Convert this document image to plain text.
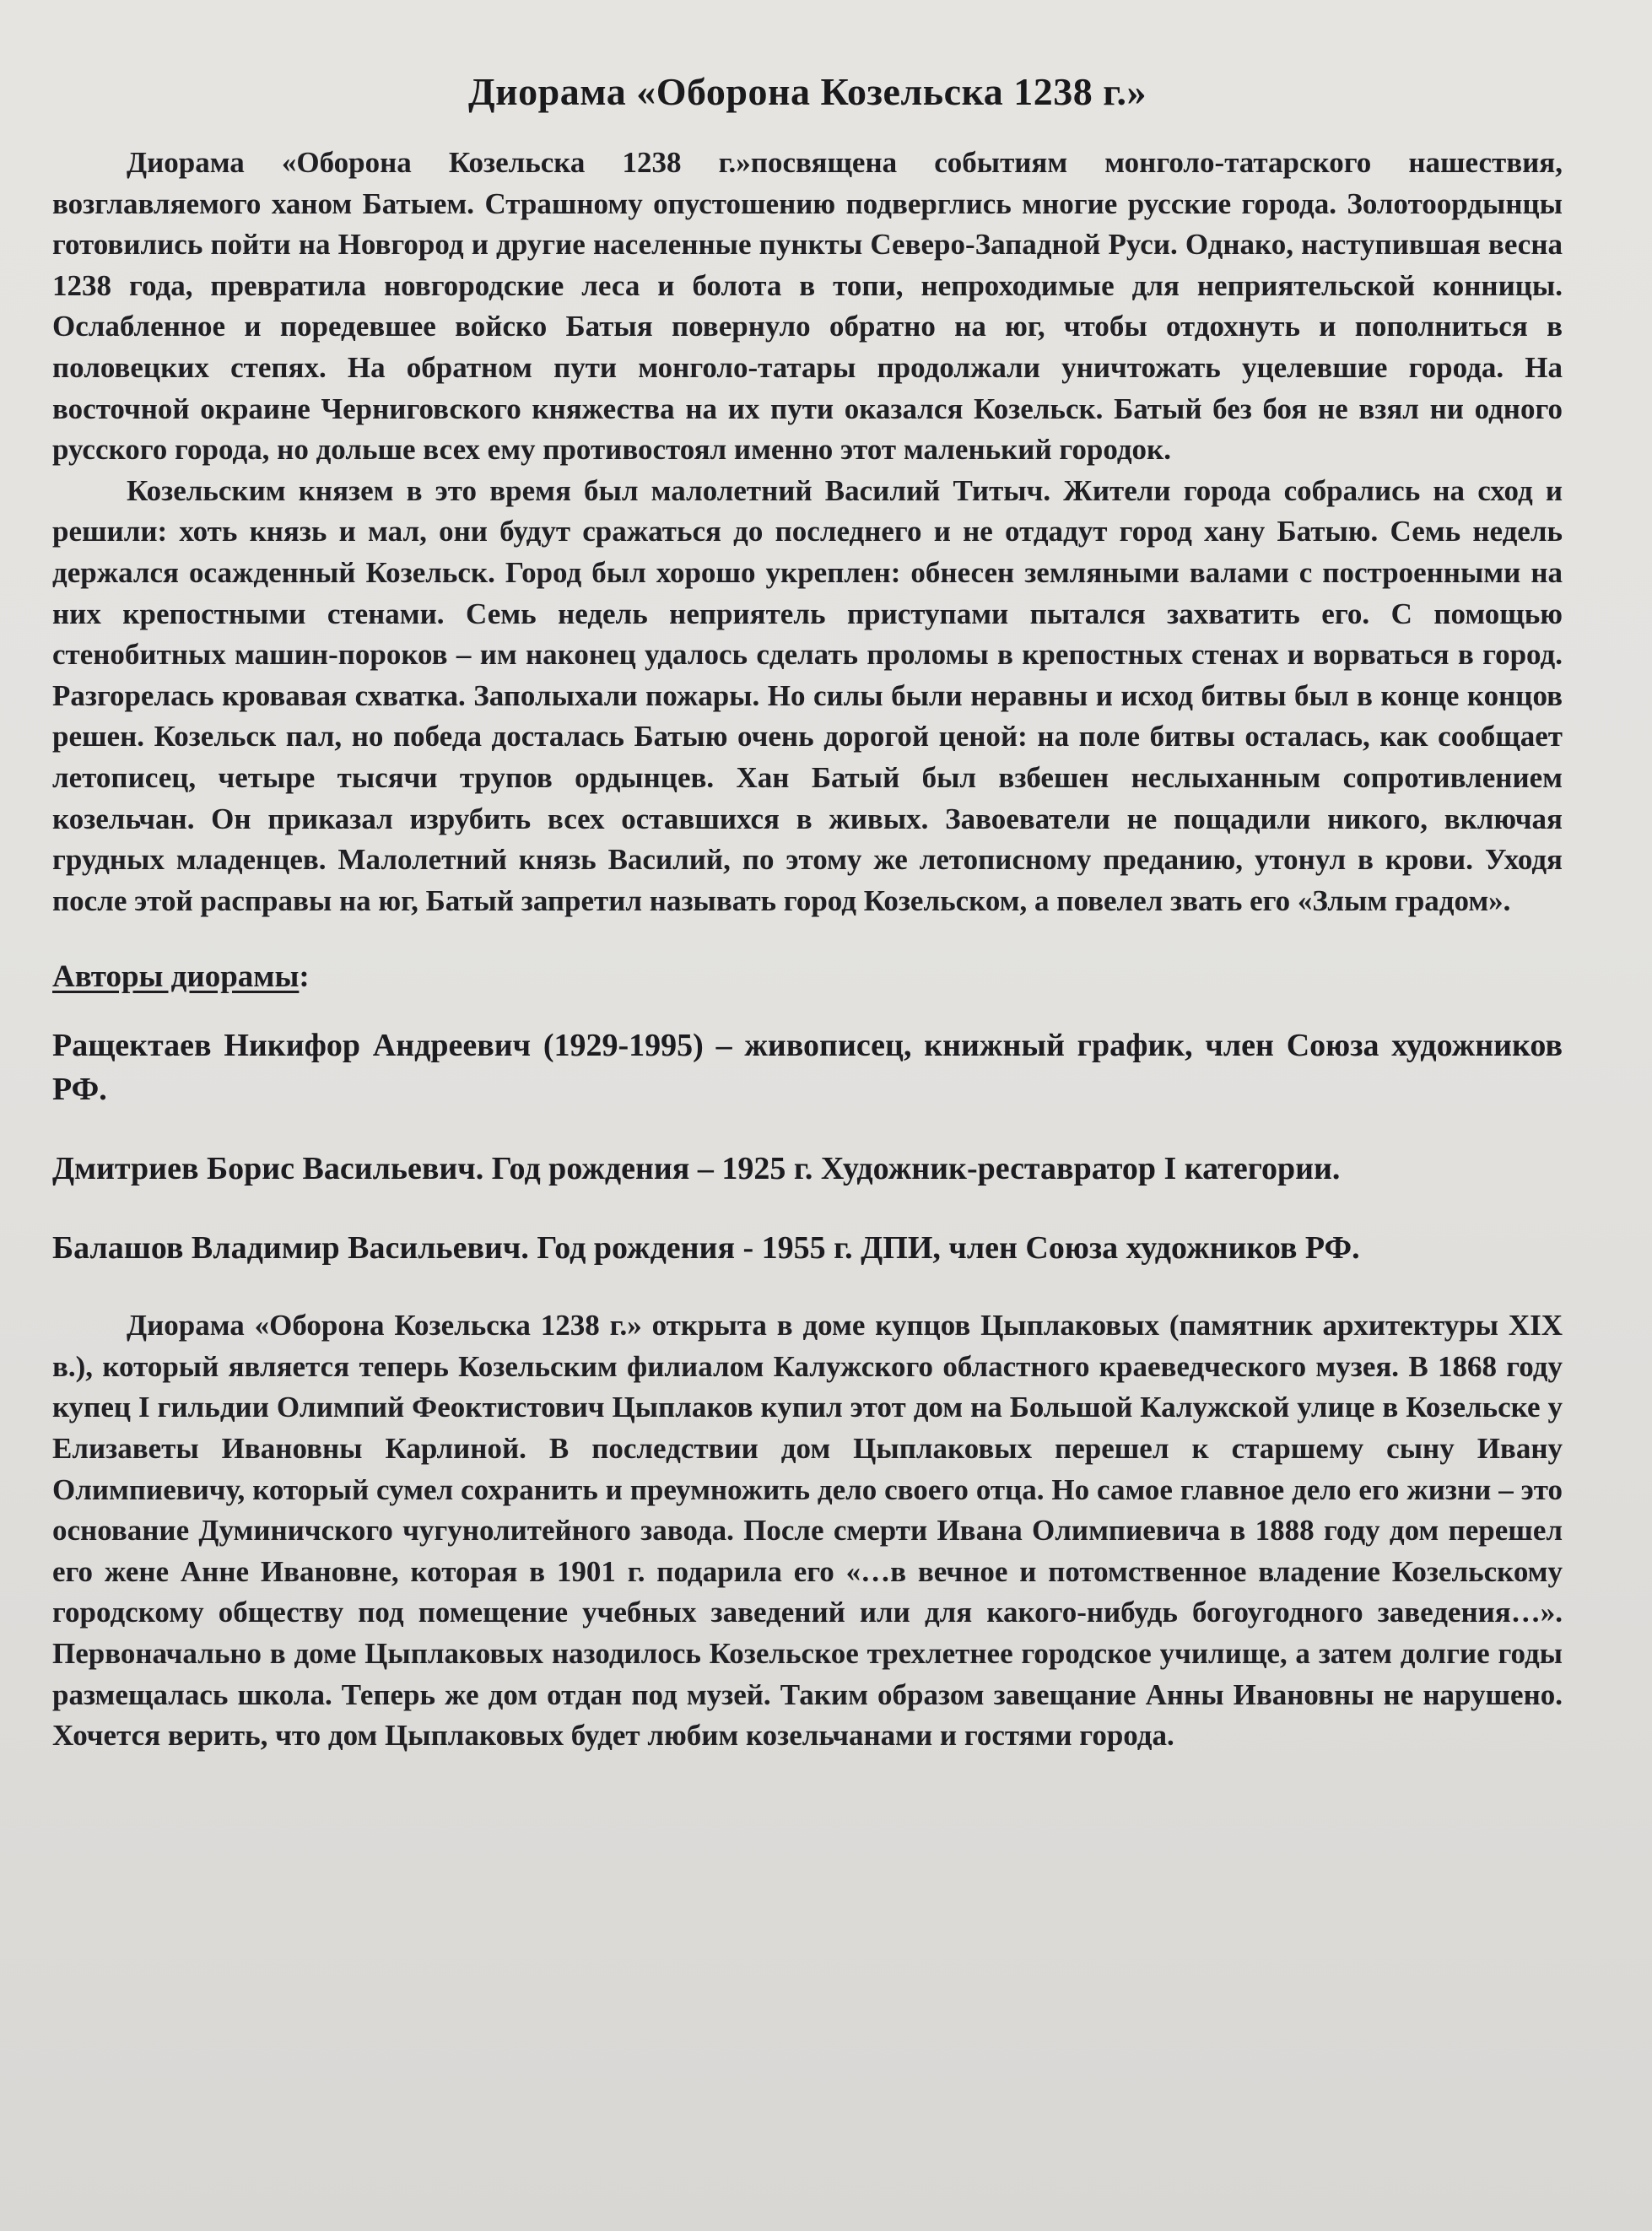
Диорама «Оборона Козельска 1238 г.»

Диорама «Оборона Козельска 1238 г.»посвящена событиям монголо-татарского нашествия, возглавляемого ханом Батыем. Страшному опустошению подверглись многие русские города. Золотоордынцы готовились пойти на Новгород и другие населенные пункты Северо-Западной Руси. Однако, наступившая весна 1238 года, превратила новгородские леса и болота в топи, непроходимые для неприятельской конницы. Ослабленное и поредевшее войско Батыя повернуло обратно на юг, чтобы отдохнуть и пополниться в половецких степях. На обратном пути монголо-татары продолжали уничтожать уцелевшие города. На восточной окраине Черниговского княжества на их пути оказался Козельск. Батый без боя не взял ни одного русского города, но дольше всех ему противостоял именно этот маленький городок.

Козельским князем в это время был малолетний Василий Титыч. Жители города собрались на сход и решили: хоть князь и мал, они будут сражаться до последнего и не отдадут город хану Батыю. Семь недель держался осажденный Козельск. Город был хорошо укреплен: обнесен земляными валами с построенными на них крепостными стенами. Семь недель неприятель приступами пытался захватить его. С помощью стенобитных машин-пороков – им наконец удалось сделать проломы в крепостных стенах и ворваться в город. Разгорелась кровавая схватка. Заполыхали пожары. Но силы были неравны и исход битвы был в конце концов решен. Козельск пал, но победа досталась Батыю очень дорогой ценой: на поле битвы осталась, как сообщает летописец, четыре тысячи трупов ордынцев. Хан Батый был взбешен неслыханным сопротивлением козельчан. Он приказал изрубить всех оставшихся в живых. Завоеватели не пощадили никого, включая грудных младенцев. Малолетний князь Василий, по этому же летописному преданию, утонул в крови. Уходя после этой расправы на юг, Батый запретил называть город Козельском, а повелел звать его «Злым градом».

Авторы диорамы:

Ращектаев Никифор Андреевич (1929-1995) – живописец, книжный график, член Союза художников РФ.

Дмитриев Борис Васильевич. Год рождения – 1925 г. Художник-реставратор I категории.

Балашов Владимир Васильевич. Год рождения - 1955 г. ДПИ, член Союза художников РФ.

Диорама «Оборона Козельска 1238 г.» открыта в доме купцов Цыплаковых (памятник архитектуры XIX в.), который является теперь Козельским филиалом Калужского областного краеведческого музея. В 1868 году купец I гильдии Олимпий Феоктистович Цыплаков купил этот дом на Большой Калужской улице в Козельске у Елизаветы Ивановны Карлиной. В последствии дом Цыплаковых перешел к старшему сыну Ивану Олимпиевичу, который сумел сохранить и преумножить дело своего отца. Но самое главное дело его жизни – это основание Думиничского чугунолитейного завода. После смерти Ивана Олимпиевича в 1888 году дом перешел его жене Анне Ивановне, которая в 1901 г. подарила его «…в вечное и потомственное владение Козельскому городскому обществу под помещение учебных заведений или для какого-нибудь богоугодного заведения…». Первоначально в доме Цыплаковых назодилось Козельское трехлетнее городское училище, а затем долгие годы размещалась школа. Теперь же дом отдан под музей. Таким образом завещание Анны Ивановны не нарушено. Хочется верить, что дом Цыплаковых будет любим козельчанами и гостями города.
